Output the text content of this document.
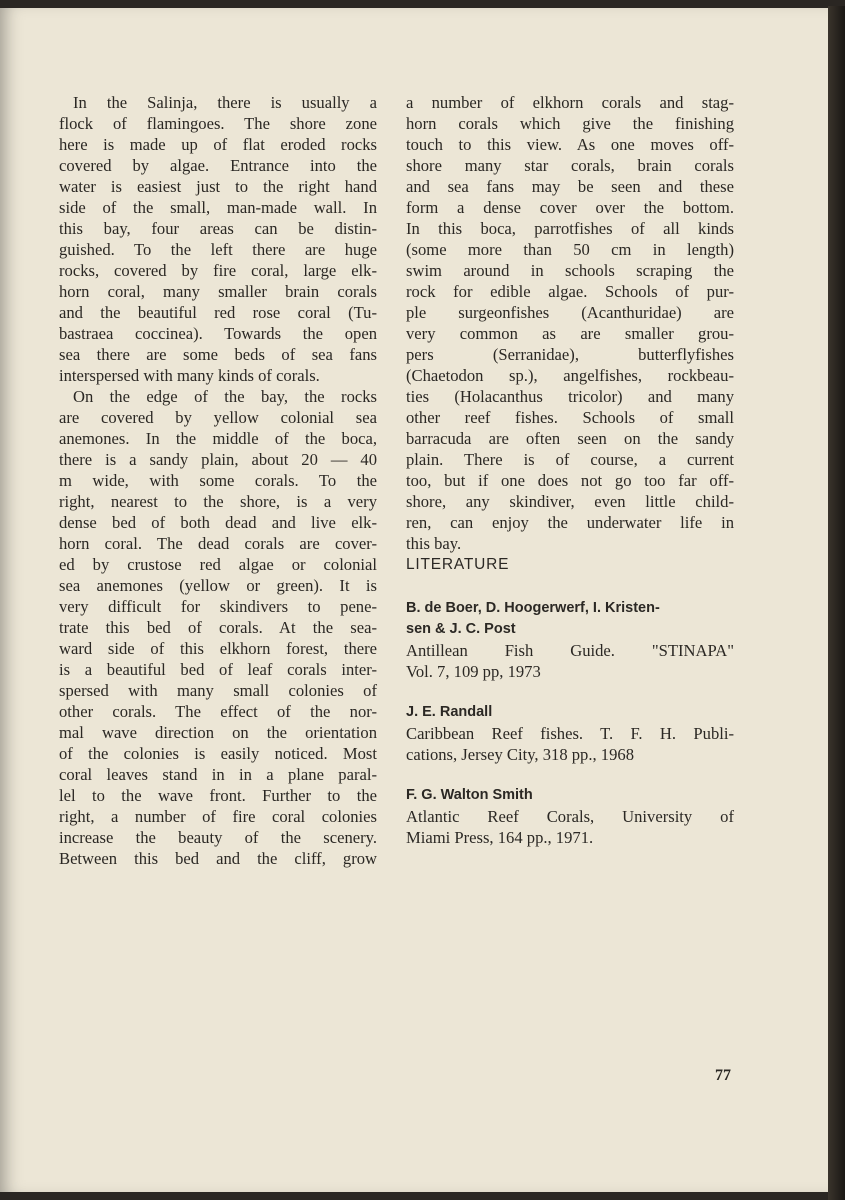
In the Salinja, there is usually a
flock of flamingoes. The shore zone
here is made up of flat eroded rocks
covered by algae. Entrance into the
water is easiest just to the right hand
side of the small, man-made wall. In
this bay, four areas can be distin-
guished. To the left there are huge
rocks, covered by fire coral, large elk-
horn coral, many smaller brain corals
and the beautiful red rose coral (Tu-
bastraea coccinea). Towards the open
sea there are some beds of sea fans
interspersed with many kinds of corals.
On the edge of the bay, the rocks
are covered by yellow colonial sea
anemones. In the middle of the boca,
there is a sandy plain, about 20 — 40
m wide, with some corals. To the
right, nearest to the shore, is a very
dense bed of both dead and live elk-
horn coral. The dead corals are cover-
ed by crustose red algae or colonial
sea anemones (yellow or green). It is
very difficult for skindivers to pene-
trate this bed of corals. At the sea-
ward side of this elkhorn forest, there
is a beautiful bed of leaf corals inter-
spersed with many small colonies of
other corals. The effect of the nor-
mal wave direction on the orientation
of the colonies is easily noticed. Most
coral leaves stand in in a plane paral-
lel to the wave front. Further to the
right, a number of fire coral colonies
increase the beauty of the scenery.
Between this bed and the cliff, grow
a number of elkhorn corals and stag-
horn corals which give the finishing
touch to this view. As one moves off-
shore many star corals, brain corals
and sea fans may be seen and these
form a dense cover over the bottom.
In this boca, parrotfishes of all kinds
(some more than 50 cm in length)
swim around in schools scraping the
rock for edible algae. Schools of pur-
ple surgeonfishes (Acanthuridae) are
very common as are smaller grou-
pers (Serranidae), butterflyfishes
(Chaetodon sp.), angelfishes, rockbeau-
ties (Holacanthus tricolor) and many
other reef fishes. Schools of small
barracuda are often seen on the sandy
plain. There is of course, a current
too, but if one does not go too far off-
shore, any skindiver, even little child-
ren, can enjoy the underwater life in
this bay.
LITERATURE
B. de Boer, D. Hoogerwerf, I. Kristen-
sen & J. C. Post
Antillean Fish Guide. "STINAPA"
Vol. 7, 109 pp, 1973
J. E. Randall
Caribbean Reef fishes. T. F. H. Publi-
cations, Jersey City, 318 pp., 1968
F. G. Walton Smith
Atlantic Reef Corals, University of
Miami Press, 164 pp., 1971.
77
